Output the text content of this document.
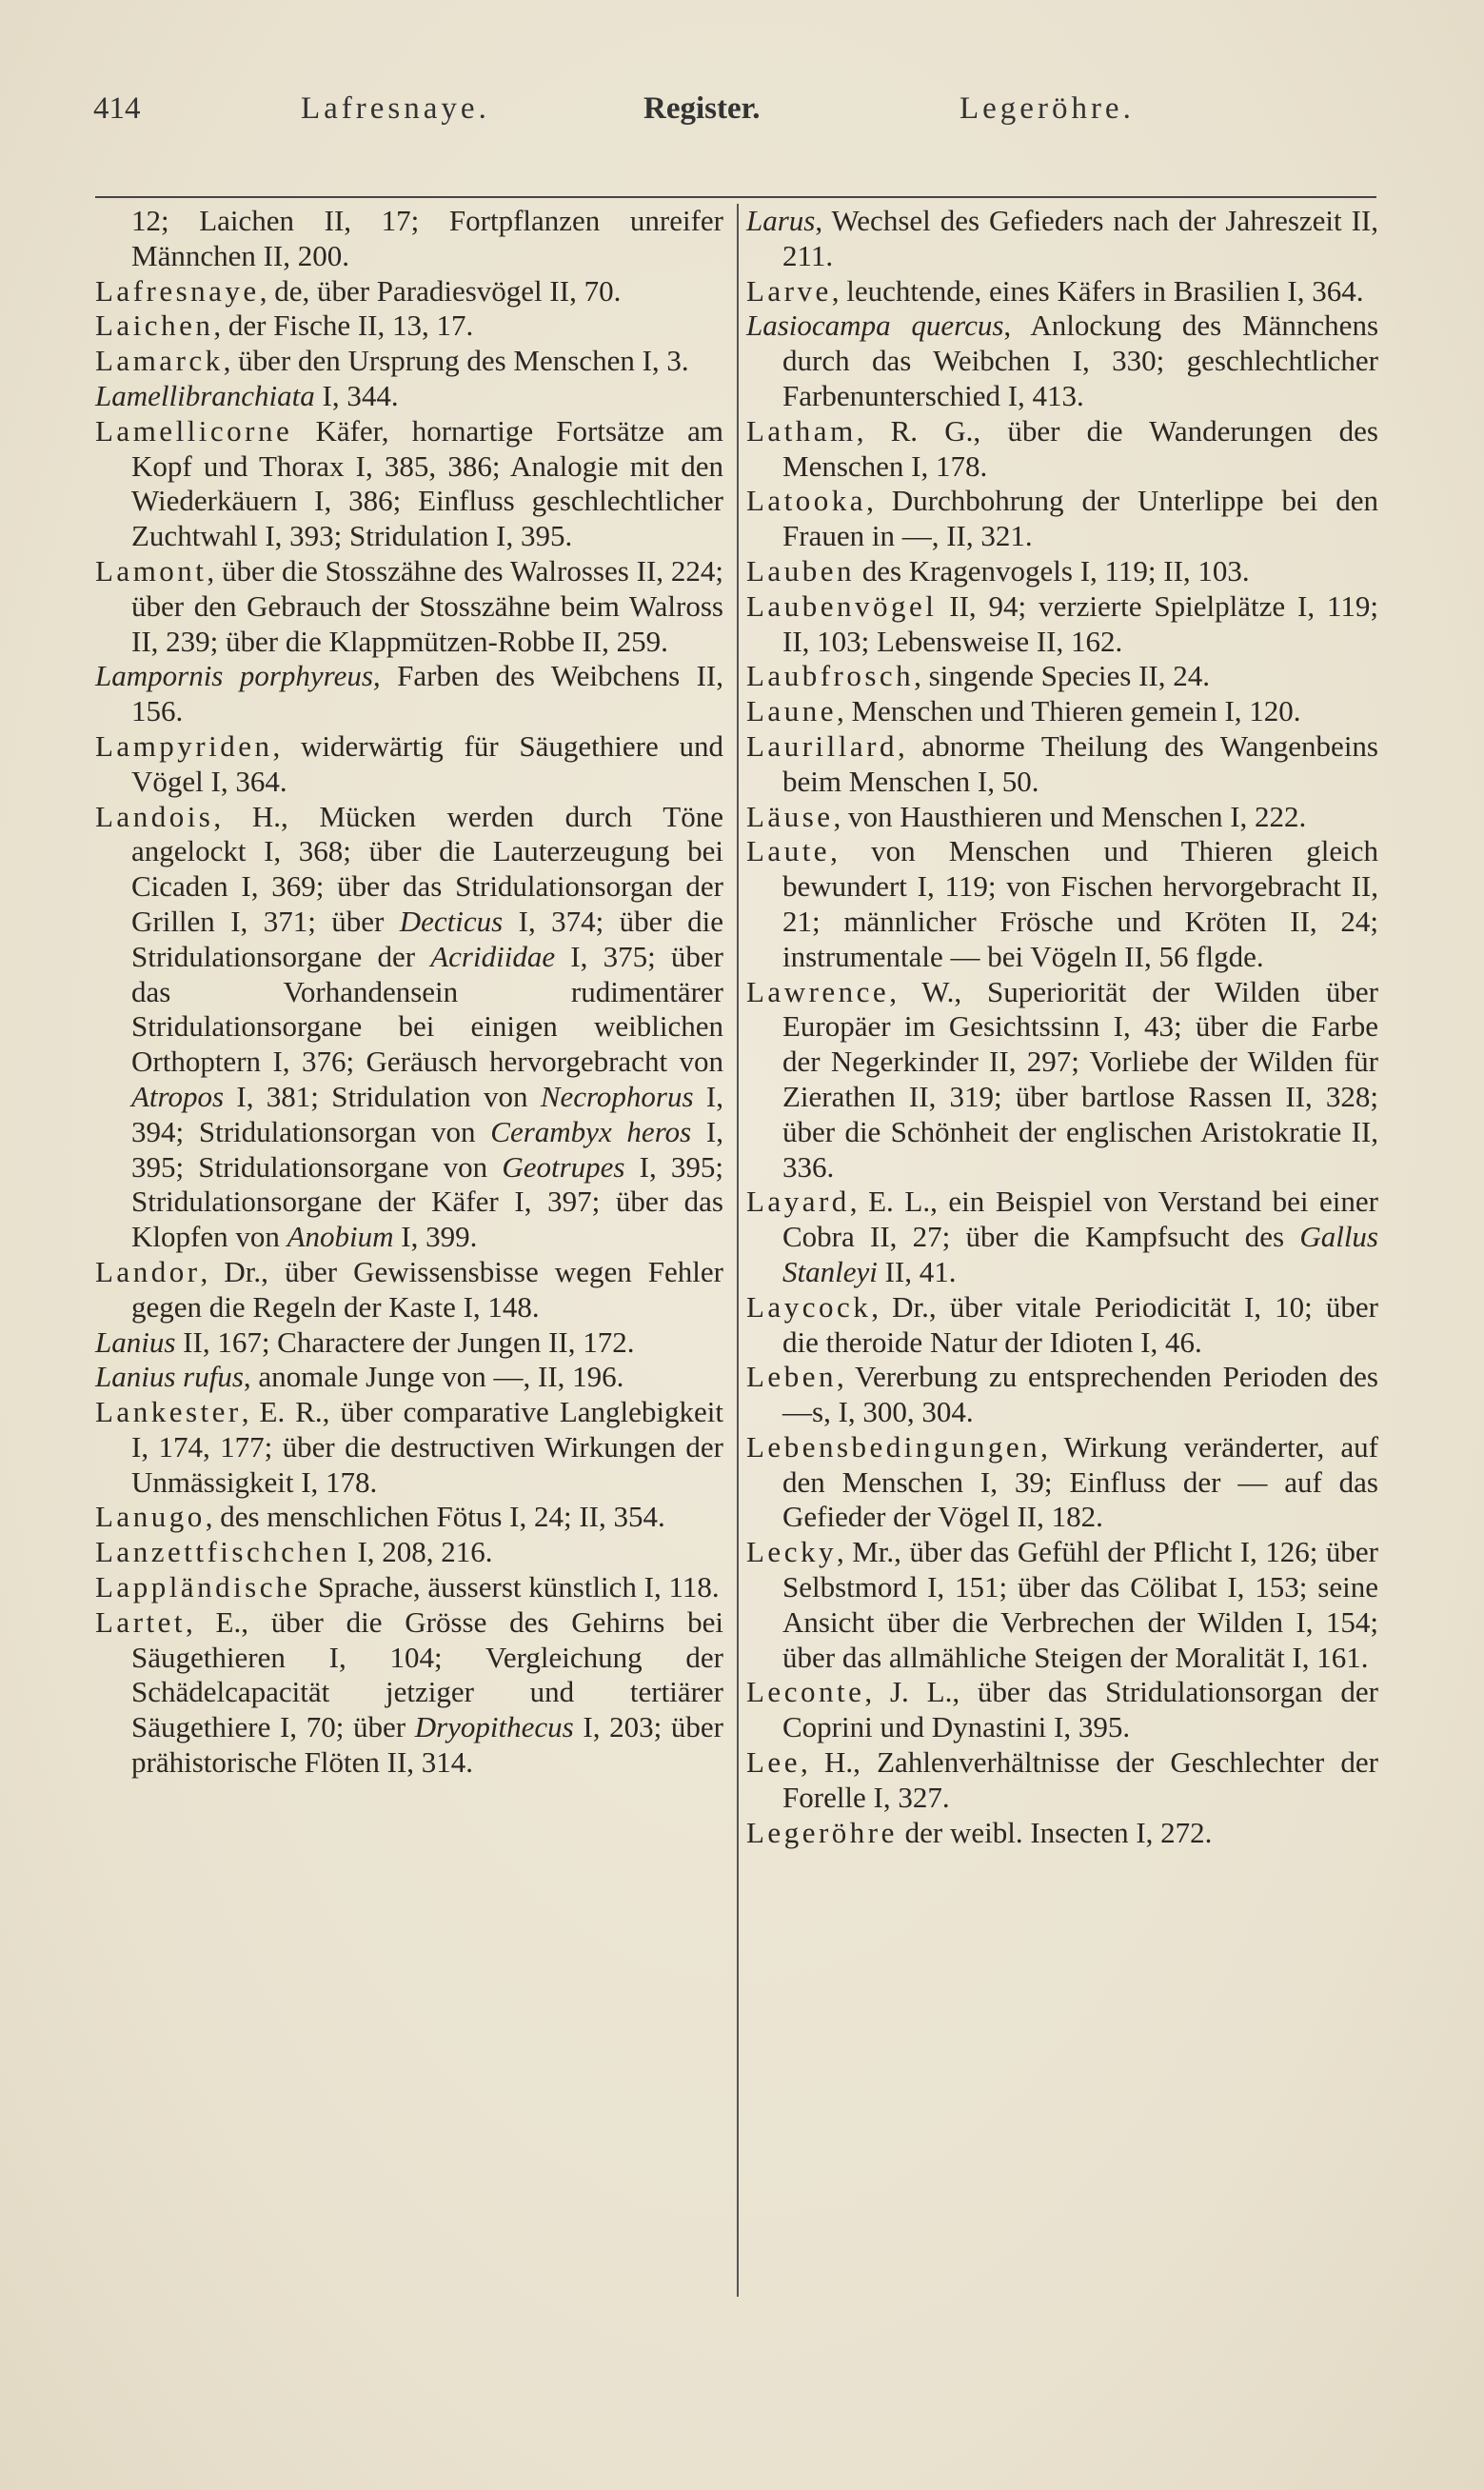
414	Lafresnaye.	Register.	Legeröhre.
12; Laichen II, 17; Fortpflanzen unreifer Männchen II, 200.
Lafresnaye, de, über Paradiesvögel II, 70.
Laichen, der Fische II, 13, 17.
Lamarck, über den Ursprung des Menschen I, 3.
Lamellibranchiata I, 344.
Lamellicorne Käfer, hornartige Fortsätze am Kopf und Thorax I, 385, 386; Analogie mit den Wiederkäuern I, 386; Einfluss geschlechtlicher Zuchtwahl I, 393; Stridulation I, 395.
Lamont, über die Stosszähne des Walrosses II, 224; über den Gebrauch der Stosszähne beim Walross II, 239; über die Klappmützen-Robbe II, 259.
Lampornis porphyreus, Farben des Weibchens II, 156.
Lampyriden, widerwärtig für Säugethiere und Vögel I, 364.
Landois, H., Mücken werden durch Töne angelockt I, 368; über die Lauterzeugung bei Cicaden I, 369; über das Stridulationsorgan der Grillen I, 371; über Decticus I, 374; über die Stridulationsorgane der Acridiidae I, 375; über das Vorhandensein rudimentärer Stridulationsorgane bei einigen weiblichen Orthoptern I, 376; Geräusch hervorgebracht von Atropos I, 381; Stridulation von Necrophorus I, 394; Stridulationsorgan von Cerambyx heros I, 395; Stridulationsorgane von Geotrupes I, 395; Stridulationsorgane der Käfer I, 397; über das Klopfen von Anobium I, 399.
Landor, Dr., über Gewissensbisse wegen Fehler gegen die Regeln der Kaste I, 148.
Lanius II, 167; Charactere der Jungen II, 172.
Lanius rufus, anomale Junge von —, II, 196.
Lankester, E. R., über comparative Langlebigkeit I, 174, 177; über die destructiven Wirkungen der Unmässigkeit I, 178.
Lanugo, des menschlichen Fötus I, 24; II, 354.
Lanzettfischchen I, 208, 216.
Lappländische Sprache, äusserst künstlich I, 118.
Lartet, E., über die Grösse des Gehirns bei Säugethieren I, 104; Vergleichung der Schädelcapacität jetziger und tertiärer Säugethiere I, 70; über Dryopithecus I, 203; über prähistorische Flöten II, 314.
Larus, Wechsel des Gefieders nach der Jahreszeit II, 211.
Larve, leuchtende, eines Käfers in Brasilien I, 364.
Lasiocampa quercus, Anlockung des Männchens durch das Weibchen I, 330; geschlechtlicher Farbenunterschied I, 413.
Latham, R. G., über die Wanderungen des Menschen I, 178.
Latooka, Durchbohrung der Unterlippe bei den Frauen in —, II, 321.
Lauben des Kragenvogels I, 119; II, 103.
Laubenvögel II, 94; verzierte Spielplätze I, 119; II, 103; Lebensweise II, 162.
Laubfrosch, singende Species II, 24.
Laune, Menschen und Thieren gemein I, 120.
Laurillard, abnorme Theilung des Wangenbeins beim Menschen I, 50.
Läuse, von Hausthieren und Menschen I, 222.
Laute, von Menschen und Thieren gleich bewundert I, 119; von Fischen hervorgebracht II, 21; männlicher Frösche und Kröten II, 24; instrumentale — bei Vögeln II, 56 flgde.
Lawrence, W., Superiorität der Wilden über Europäer im Gesichtssinn I, 43; über die Farbe der Negerkinder II, 297; Vorliebe der Wilden für Zierathen II, 319; über bartlose Rassen II, 328; über die Schönheit der englischen Aristokratie II, 336.
Layard, E. L., ein Beispiel von Verstand bei einer Cobra II, 27; über die Kampfsucht des Gallus Stanleyi II, 41.
Laycock, Dr., über vitale Periodicität I, 10; über die theroide Natur der Idioten I, 46.
Leben, Vererbung zu entsprechenden Perioden des —s, I, 300, 304.
Lebensbedingungen, Wirkung veränderter, auf den Menschen I, 39; Einfluss der — auf das Gefieder der Vögel II, 182.
Lecky, Mr., über das Gefühl der Pflicht I, 126; über Selbstmord I, 151; über das Cölibat I, 153; seine Ansicht über die Verbrechen der Wilden I, 154; über das allmähliche Steigen der Moralität I, 161.
Leconte, J. L., über das Stridulationsorgan der Coprini und Dynastini I, 395.
Lee, H., Zahlenverhältnisse der Geschlechter der Forelle I, 327.
Legeröhre der weibl. Insecten I, 272.
